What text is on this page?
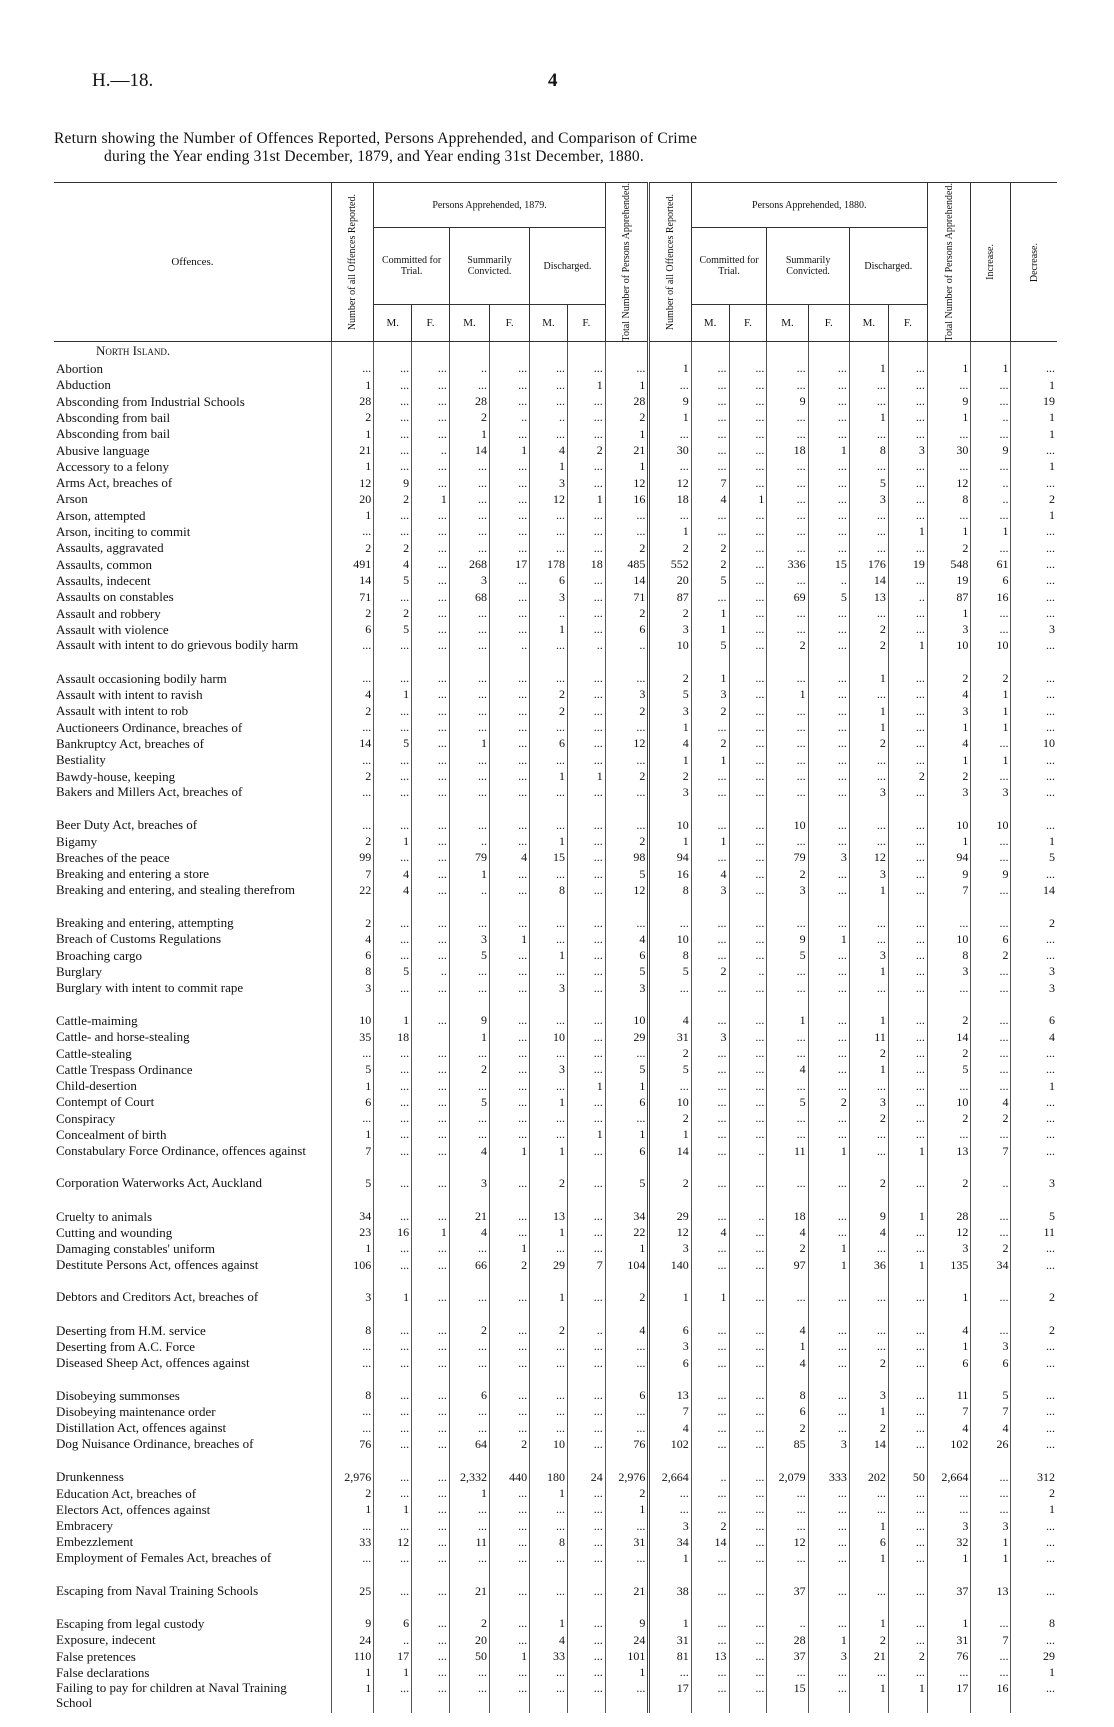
H.—18.	4
Return showing the Number of Offences Reported, Persons Apprehended, and Comparison of Crime
during the Year ending 31st December, 1879, and Year ending 31st December, 1880.
Offences.	Number of all Offences Reported.	Persons Apprehended, 1879.						Total Number of Persons Apprehended.	Number of all Offences Reported.	Persons Apprehended, 1880.						Total Number of Persons Apprehended.	Increase.	Decrease.

		Committed for Trial.		Summarily Convicted.		Discharged.				Committed for Trial.		Summarily Convicted.		Discharged.				
		M.	F.	M.	F.	M.	F.			M.	F.	M.	F.	M.	F.			

North Island.																		

Abortion	...	...	...	..	...	...	...	...	1	...	...	...	...	1	...	1	1	...
Abduction	1	...	...	...	...	...	1	1	...	...	...	...	...	...	...	...	...	1
Absconding from Industrial Schools	28	...	...	28	...	...	...	28	9	...	...	9	...	...	...	9	...	19
Absconding from bail	2	...	...	2	..	..	...	2	1	...	...	...	...	1	...	1	..	1
Absconding from bail	1	...	...	1	...	...	...	1	...	...	...	...	...	...	...	...	...	1
Abusive language	21	...	..	14	1	4	2	21	30	...	...	18	1	8	3	30	9	...
Accessory to a felony	1	...	...	...	...	1	...	1	...	...	...	...	...	...	...	...	...	1
Arms Act, breaches of	12	9	...	...	...	3	...	12	12	7	...	...	...	5	...	12	..	...
Arson	20	2	1	...	...	12	1	16	18	4	1	...	...	3	...	8	..	2
Arson, attempted	1	...	...	...	...	...	...	...	...	...	...	...	...	...	...	...	...	1
Arson, inciting to commit	...	...	...	...	...	...	...	...	1	...	...	...	...	...	1	1	1	...
Assaults, aggravated	2	2	...	...	...	...	...	2	2	2	...	...	...	...	...	2	...	...
Assaults, common	491	4	...	268	17	178	18	485	552	2	...	336	15	176	19	548	61	...
Assaults, indecent	14	5	...	3	...	6	...	14	20	5	...	...	..	14	...	19	6	...
Assaults on constables	71	...	...	68	...	3	...	71	87	...	...	69	5	13	..	87	16	...
Assault and robbery	2	2	...	...	...	..	...	2	2	1	...	...	...	...	...	1	...	...
Assault with violence	6	5	...	...	...	1	...	6	3	1	...	...	...	2	...	3	...	3
Assault with intent to do grievous bodily harm	...	...	...	...	..	...	..	..	10	5	...	2	...	2	1	10	10	...
Assault occasioning bodily harm	...	...	...	...	...	...	...	...	2	1	...	...	...	1	...	2	2	...
Assault with intent to ravish	4	1	...	...	...	2	...	3	5	3	...	1	...	...	...	4	1	...
Assault with intent to rob	2	...	...	...	...	2	...	2	3	2	...	...	...	1	...	3	1	...
Auctioneers Ordinance, breaches of	...	...	...	...	...	...	...	...	1	...	...	...	...	1	...	1	1	...
Bankruptcy Act, breaches of	14	5	...	1	...	6	...	12	4	2	...	...	...	2	...	4	...	10
Bestiality	...	...	...	...	...	...	...	...	1	1	...	...	...	...	...	1	1	...
Bawdy-house, keeping	2	...	...	...	...	1	1	2	2	...	...	...	...	...	2	2	...	...
Bakers and Millers Act, breaches of	...	...	...	...	...	...	...	...	3	...	...	...	...	3	...	3	3	...
Beer Duty Act, breaches of	...	...	...	...	...	...	...	...	10	...	...	10	...	...	...	10	10	...
Bigamy	2	1	...	..	...	1	...	2	1	1	...	...	...	...	...	1	...	1
Breaches of the peace	99	...	...	79	4	15	...	98	94	...	...	79	3	12	...	94	...	5
Breaking and entering a store	7	4	...	1	...	...	...	5	16	4	...	2	...	3	...	9	9	...
Breaking and entering, and stealing therefrom	22	4	...	..	...	8	...	12	8	3	...	3	...	1	...	7	...	14
Breaking and entering, attempting	2	...	...	...	...	...	...	...	...	...	...	...	...	...	...	...	...	2
Breach of Customs Regulations	4	...	...	3	1	...	...	4	10	...	...	9	1	...	...	10	6	...
Broaching cargo	6	...	...	5	...	1	...	6	8	...	...	5	...	3	...	8	2	...
Burglary	8	5	..	...	...	...	...	5	5	2	..	...	...	1	...	3	...	3
Burglary with intent to commit rape	3	...	...	...	...	3	...	3	...	...	...	...	...	...	...	...	...	3
Cattle-maiming	10	1	...	9	...	...	...	10	4	...	...	1	...	1	...	2	...	6
Cattle- and horse-stealing	35	18		1	...	10	...	29	31	3	...	...	...	11	...	14	...	4
Cattle-stealing	...	...	...	...	...	...	...	...	2	...	...	...	...	2	...	2	...	...
Cattle Trespass Ordinance	5	...	...	2	...	3	...	5	5	...	...	4	...	1	...	5	...	...
Child-desertion	1	...	...	...	...	...	1	1	...	...	...	...	...	...	...	...	...	1
Contempt of Court	6	...	...	5	...	1	...	6	10	...	...	5	2	3	...	10	4	...
Conspiracy	...	...	...	...	...	...	...	...	2	...	...	...	...	2	...	2	2	...
Concealment of birth	1	...	...	...	...	...	1	1	1	...	...	...	...	...	...	...	...	...
Constabulary Force Ordinance, offences against	7	...	...	4	1	1	...	6	14	...	..	11	1	...	1	13	7	...
Corporation Waterworks Act, Auckland	5	...	...	3	...	2	...	5	2	...	...	...	...	2	...	2	..	3
Cruelty to animals	34	...	...	21	...	13	...	34	29	...	..	18	...	9	1	28	...	5
Cutting and wounding	23	16	1	4	...	1	...	22	12	4	...	4	...	4	...	12	...	11
Damaging constables' uniform	1	...	...	...	1	...	...	1	3	...	...	2	1	...	...	3	2	...
Destitute Persons Act, offences against	106	...	...	66	2	29	7	104	140	...	...	97	1	36	1	135	34	...
Debtors and Creditors Act, breaches of	3	1	...	...	...	1	...	2	1	1	...	...	...	...	...	1	...	2
Deserting from H.M. service	8	...	...	2	...	2	..	4	6	...	...	4	...	...	...	4	...	2
Deserting from A.C. Force	...	...	...	...	...	...	...	...	3	...	...	1	...	...	...	1	3	...
Diseased Sheep Act, offences against	...	...	...	...	...	...	...	...	6	...	...	4	...	2	...	6	6	...
Disobeying summonses	8	...	...	6	...	...	...	6	13	...	...	8	...	3	...	11	5	...
Disobeying maintenance order	...	...	...	...	...	...	...	...	7	...	...	6	...	1	...	7	7	...
Distillation Act, offences against	...	...	...	...	...	...	...	...	4	...	...	2	...	2	...	4	4	...
Dog Nuisance Ordinance, breaches of	76	...	...	64	2	10	...	76	102	...	...	85	3	14	...	102	26	...
Drunkenness	2,976	...	...	2,332	440	180	24	2,976	2,664	..	...	2,079	333	202	50	2,664	...	312
Education Act, breaches of	2	...	...	1	...	1	...	2	...	...	...	...	...	...	...	...	...	2
Electors Act, offences against	1	1	...	...	...	...	...	1	...	...	...	...	...	...	...	...	...	1
Embracery	...	...	...	...	...	...	...	...	3	2	...	...	...	1	...	3	3	...
Embezzlement	33	12	...	11	...	8	...	31	34	14	...	12	...	6	...	32	1	...
Employment of Females Act, breaches of	...	...	...	...	...	...	...	...	1	...	...	...	...	1	...	1	1	...
Escaping from Naval Training Schools	25	...	...	21	...	...	...	21	38	...	...	37	...	...	...	37	13	...
Escaping from legal custody	9	6	...	2	...	1	...	9	1	...	...	..	...	1	...	1	...	8
Exposure, indecent	24	..	...	20	...	4	...	24	31	...	...	28	1	2	...	31	7	...
False pretences	110	17	...	50	1	33	...	101	81	13	...	37	3	21	2	76	...	29
False declarations	1	1	...	...	...	...	...	1	...	...	...	...	...	...	...	...	...	1
Failing to pay for children at Naval Training School	1	...	...	...	...	...	...	...	17	...	...	15	...	1	1	17	16	...
